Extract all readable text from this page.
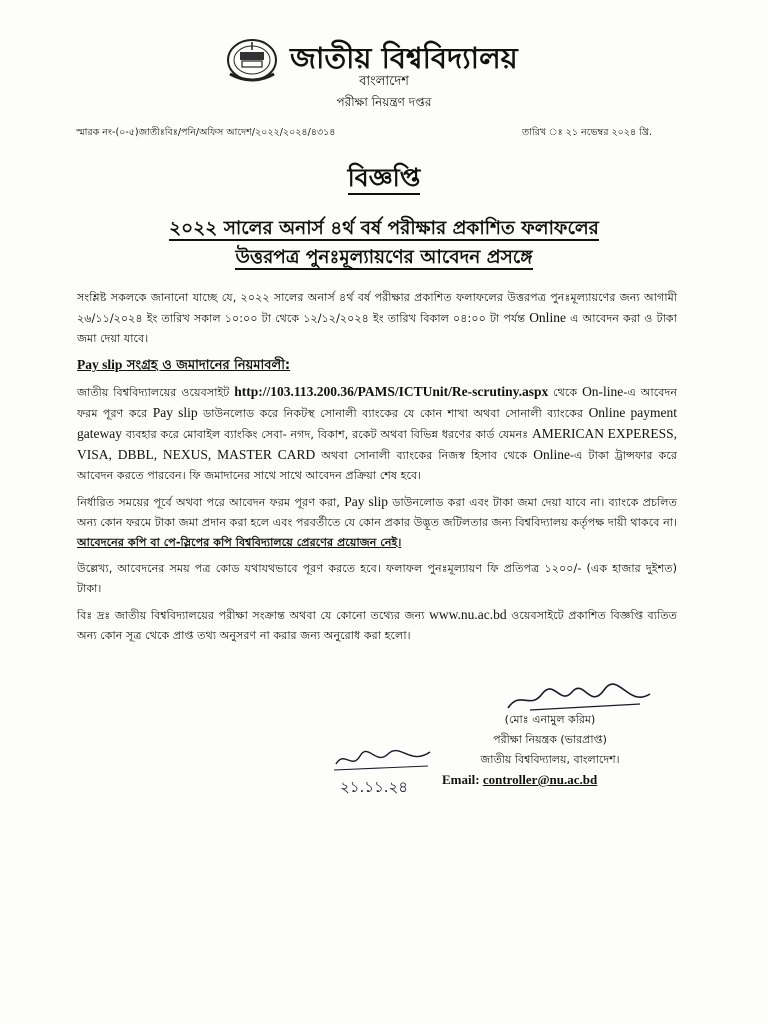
জাতীয় বিশ্ববিদ্যালয়
বাংলাদেশ
পরীক্ষা নিয়ন্ত্রণ দপ্তর
স্মারক নং-(০-৫)জাতীঃবিঃ/পনি/অফিস আদেশ/২০২২/২০২৪/৪৩১৪	তারিখ ঃ ২১ নভেম্বর ২০২৪ খ্রি.
বিজ্ঞপ্তি
২০২২ সালের অনার্স ৪র্থ বর্ষ পরীক্ষার প্রকাশিত ফলাফলের
উত্তরপত্র পুনঃমূল্যায়ণের আবেদন প্রসঙ্গে

সংশ্লিষ্ট সকলকে জানানো যাচ্ছে যে, ২০২২ সালের অনার্স ৪র্থ বর্ষ পরীক্ষার প্রকাশিত ফলাফলের উত্তরপত্র পুনঃমূল্যায়ণের জন্য আগামী ২৬/১১/২০২৪ ইং তারিখ সকাল ১০:০০ টা থেকে ১২/১২/২০২৪ ইং তারিখ বিকাল ০৪:০০ টা পর্যন্ত Online এ আবেদন করা ও টাকা জমা দেয়া যাবে।

Pay slip সংগ্রহ ও জমাদানের নিয়মাবলী:

জাতীয় বিশ্ববিদ্যালয়ের ওয়েবসাইট http://103.113.200.36/PAMS/ICTUnit/Re-scrutiny.aspx থেকে On-line-এ আবেদন ফরম পূরণ করে Pay slip ডাউনলোড করে নিকটস্থ সোনালী ব্যাংকের যে কোন শাখা অথবা সোনালী ব্যাংকের Online payment gateway ব্যবহার করে মোবাইল ব্যাংকিং সেবা- নগদ, বিকাশ, রকেট অথবা বিভিন্ন ধরণের কার্ড যেমনঃ AMERICAN EXPERESS, VISA, DBBL, NEXUS, MASTER CARD অথবা সোনালী ব্যাংকের নিজস্ব হিসাব থেকে Online-এ টাকা ট্রান্সফার করে আবেদন করতে পারবেন। ফি জমাদানের সাথে সাথে আবেদন প্রক্রিয়া শেষ হবে।

নির্ধারিত সময়ের পূর্বে অথবা পরে আবেদন ফরম পূরণ করা, Pay slip ডাউনলোড করা এবং টাকা জমা দেয়া যাবে না। ব্যাংকে প্রচলিত অন্য কোন ফরমে টাকা জমা প্রদান করা হলে এবং পরবর্তীতে যে কোন প্রকার উদ্ভূত জটিলতার জন্য বিশ্ববিদ্যালয় কর্তৃপক্ষ দায়ী থাকবে না। আবেদনের কপি বা পে-স্লিপের কপি বিশ্ববিদ্যালয়ে প্রেরণের প্রয়োজন নেই।

উল্লেখ্য, আবেদনের সময় পত্র কোড যথাযথভাবে পূরণ করতে হবে। ফলাফল পুনঃমূল্যায়ণ ফি প্রতিপত্র ১২০০/- (এক হাজার দুইশত) টাকা।

বিঃ দ্রঃ জাতীয় বিশ্ববিদ্যালয়ের পরীক্ষা সংক্রান্ত অথবা যে কোনো তথ্যের জন্য www.nu.ac.bd ওয়েবসাইটে প্রকাশিত বিজ্ঞপ্তি ব্যতিত অন্য কোন সূত্র থেকে প্রাপ্ত তথ্য অনুসরণ না করার জন্য অনুরোধ করা হলো।

(মোঃ এনামুল করিম)
পরীক্ষা নিয়ন্ত্রক (ভারপ্রাপ্ত)
জাতীয় বিশ্ববিদ্যালয়, বাংলাদেশ।
Email: controller@nu.ac.bd
২১.১১.২৪
